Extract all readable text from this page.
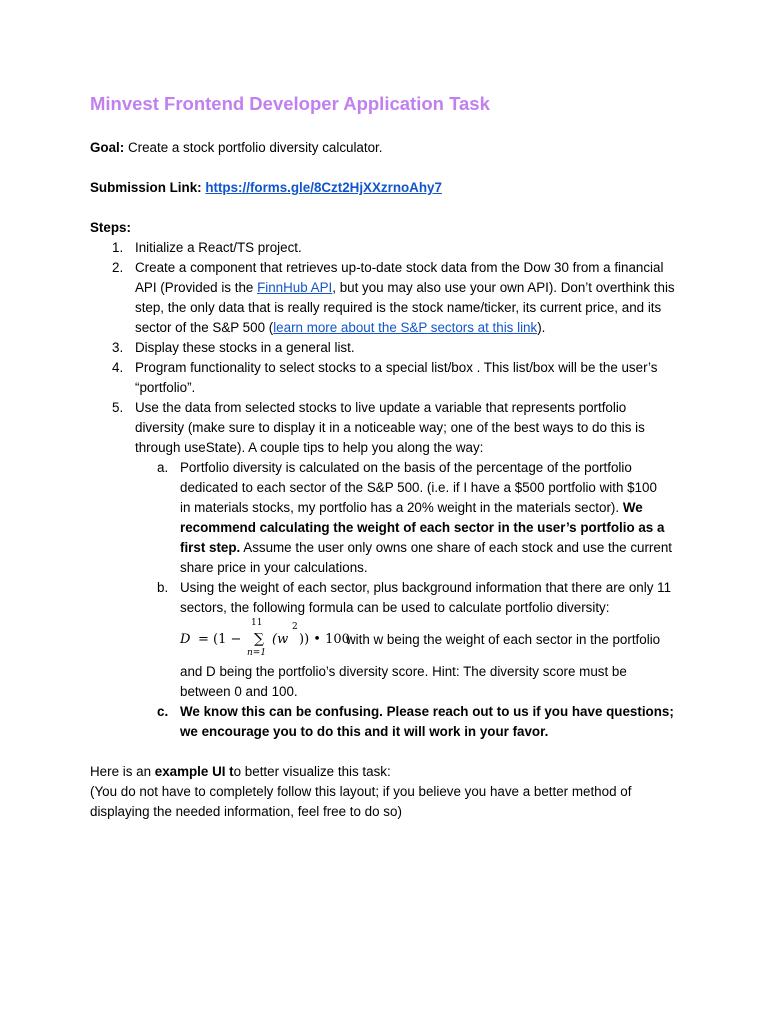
Minvest Frontend Developer Application Task

Goal: Create a stock portfolio diversity calculator.

Submission Link: https://forms.gle/8Czt2HjXXzrnoAhy7

Steps:

1. Initialize a React/TS project.
2. Create a component that retrieves up-to-date stock data from the Dow 30 from a financial
API (Provided is the FinnHub API, but you may also use your own API). Don’t overthink this
step, the only data that is really required is the stock name/ticker, its current price, and its
sector of the S&P 500 (learn more about the S&P sectors at this link).
3. Display these stocks in a general list.
4. Program functionality to select stocks to a special list/box . This list/box will be the user’s
“portfolio”.
5. Use the data from selected stocks to live update a variable that represents portfolio
diversity (make sure to display it in a noticeable way; one of the best ways to do this is
through useState). A couple tips to help you along the way:
a. Portfolio diversity is calculated on the basis of the percentage of the portfolio
dedicated to each sector of the S&P 500. (i.e. if I have a $500 portfolio with $100
in materials stocks, my portfolio has a 20% weight in the materials sector). We
recommend calculating the weight of each sector in the user’s portfolio as a
first step. Assume the user only owns one share of each stock and use the current
share price in your calculations.
b. Using the weight of each sector, plus background information that there are only 11
sectors, the following formula can be used to calculate portfolio diversity:
D = (1 −
11
∑
n=1
(w
2
)) • 100
with w being the weight of each sector in the portfolio
and D being the portfolio’s diversity score. Hint: The diversity score must be
between 0 and 100.
c. We know this can be confusing. Please reach out to us if you have questions;
we encourage you to do this and it will work in your favor.

Here is an example UI to better visualize this task:

(You do not have to completely follow this layout; if you believe you have a better method of

displaying the needed information, feel free to do so)
